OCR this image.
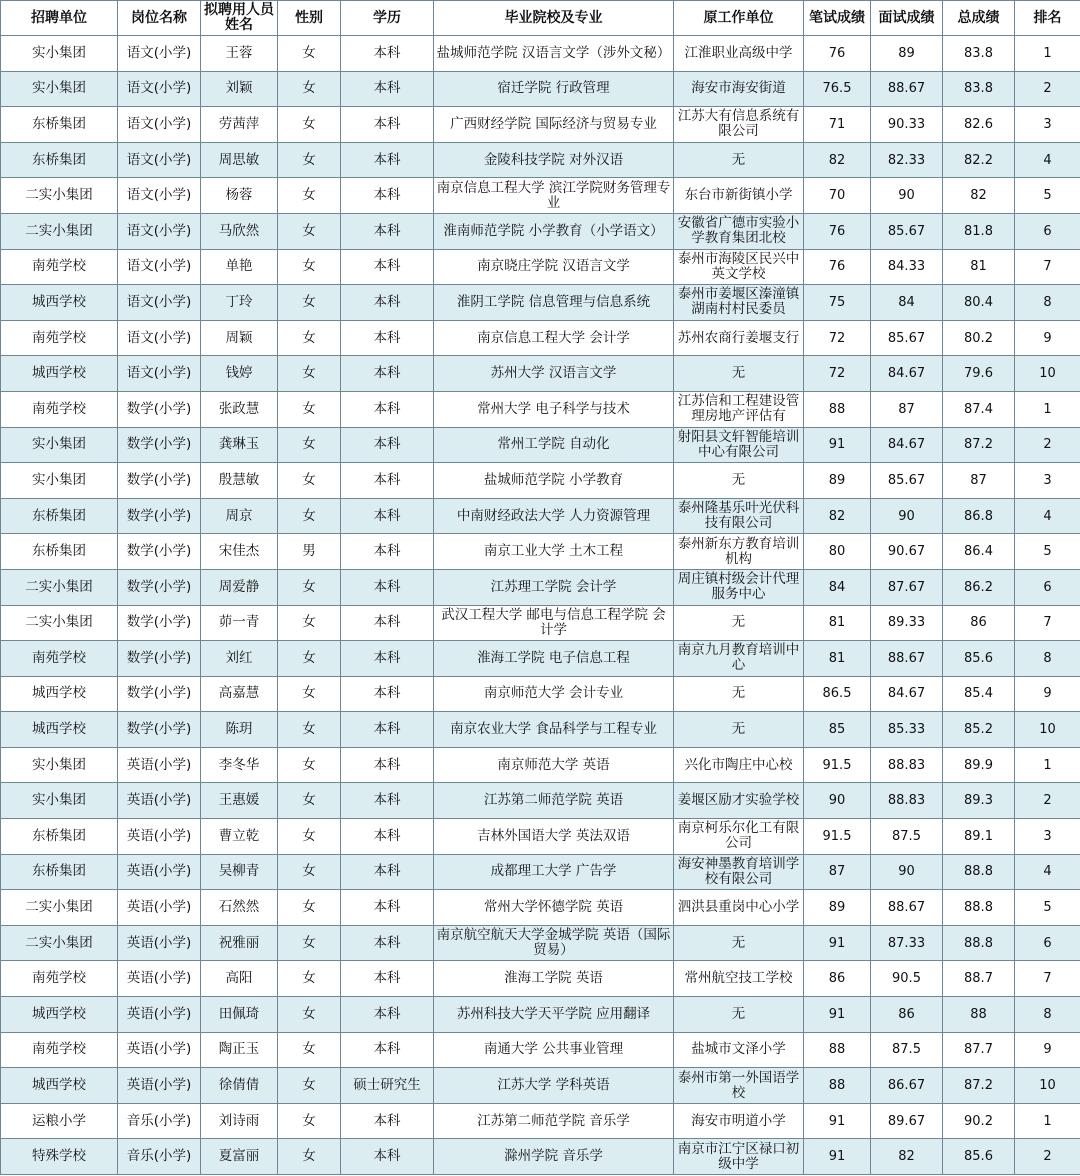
招聘单位	岗位名称	拟聘用人员姓名	性别	学历	毕业院校及专业	原工作单位	笔试成绩	面试成绩	总成绩	排名
实小集团	语文(小学)	王蓉	女	本科	盐城师范学院 汉语言文学（涉外文秘）	江淮职业高级中学	76	89	83.8	1
实小集团	语文(小学)	刘颖	女	本科	宿迁学院 行政管理	海安市海安街道	76.5	88.67	83.8	2
东桥集团	语文(小学)	劳茜萍	女	本科	广西财经学院 国际经济与贸易专业	江苏大有信息系统有限公司	71	90.33	82.6	3
东桥集团	语文(小学)	周思敏	女	本科	金陵科技学院 对外汉语	无	82	82.33	82.2	4
二实小集团	语文(小学)	杨蓉	女	本科	南京信息工程大学 滨江学院财务管理专业	东台市新街镇小学	70	90	82	5
二实小集团	语文(小学)	马欣然	女	本科	淮南师范学院 小学教育（小学语文）	安徽省广德市实验小学教育集团北校	76	85.67	81.8	6
南苑学校	语文(小学)	单艳	女	本科	南京晓庄学院 汉语言文学	泰州市海陵区民兴中英文学校	76	84.33	81	7
城西学校	语文(小学)	丁玲	女	本科	淮阴工学院 信息管理与信息系统	泰州市姜堰区溱潼镇湖南村村民委员	75	84	80.4	8
南苑学校	语文(小学)	周颖	女	本科	南京信息工程大学 会计学	苏州农商行姜堰支行	72	85.67	80.2	9
城西学校	语文(小学)	钱婷	女	本科	苏州大学 汉语言文学	无	72	84.67	79.6	10
南苑学校	数学(小学)	张政慧	女	本科	常州大学 电子科学与技术	江苏信和工程建设管理房地产评估有	88	87	87.4	1
实小集团	数学(小学)	龚琳玉	女	本科	常州工学院 自动化	射阳县文轩智能培训中心有限公司	91	84.67	87.2	2
实小集团	数学(小学)	殷慧敏	女	本科	盐城师范学院 小学教育	无	89	85.67	87	3
东桥集团	数学(小学)	周京	女	本科	中南财经政法大学 人力资源管理	泰州隆基乐叶光伏科技有限公司	82	90	86.8	4
东桥集团	数学(小学)	宋佳杰	男	本科	南京工业大学 土木工程	泰州新东方教育培训机构	80	90.67	86.4	5
二实小集团	数学(小学)	周爱静	女	本科	江苏理工学院 会计学	周庄镇村级会计代理服务中心	84	87.67	86.2	6
二实小集团	数学(小学)	茆一青	女	本科	武汉工程大学 邮电与信息工程学院 会计学	无	81	89.33	86	7
南苑学校	数学(小学)	刘红	女	本科	淮海工学院 电子信息工程	南京九月教育培训中心	81	88.67	85.6	8
城西学校	数学(小学)	高嘉慧	女	本科	南京师范大学 会计专业	无	86.5	84.67	85.4	9
城西学校	数学(小学)	陈玥	女	本科	南京农业大学 食品科学与工程专业	无	85	85.33	85.2	10
实小集团	英语(小学)	李冬华	女	本科	南京师范大学 英语	兴化市陶庄中心校	91.5	88.83	89.9	1
实小集团	英语(小学)	王惠媛	女	本科	江苏第二师范学院 英语	姜堰区励才实验学校	90	88.83	89.3	2
东桥集团	英语(小学)	曹立乾	女	本科	吉林外国语大学 英法双语	南京柯乐尔化工有限公司	91.5	87.5	89.1	3
东桥集团	英语(小学)	吴柳青	女	本科	成都理工大学 广告学	海安神墨教育培训学校有限公司	87	90	88.8	4
二实小集团	英语(小学)	石然然	女	本科	常州大学怀德学院 英语	泗洪县重岗中心小学	89	88.67	88.8	5
二实小集团	英语(小学)	祝雅丽	女	本科	南京航空航天大学金城学院 英语（国际贸易）	无	91	87.33	88.8	6
南苑学校	英语(小学)	高阳	女	本科	淮海工学院 英语	常州航空技工学校	86	90.5	88.7	7
城西学校	英语(小学)	田佩琦	女	本科	苏州科技大学天平学院 应用翻译	无	91	86	88	8
南苑学校	英语(小学)	陶正玉	女	本科	南通大学 公共事业管理	盐城市文泽小学	88	87.5	87.7	9
城西学校	英语(小学)	徐倩倩	女	硕士研究生	江苏大学 学科英语	泰州市第一外国语学校	88	86.67	87.2	10
运粮小学	音乐(小学)	刘诗雨	女	本科	江苏第二师范学院 音乐学	海安市明道小学	91	89.67	90.2	1
特殊学校	音乐(小学)	夏富丽	女	本科	滁州学院 音乐学	南京市江宁区禄口初级中学	91	82	85.6	2
